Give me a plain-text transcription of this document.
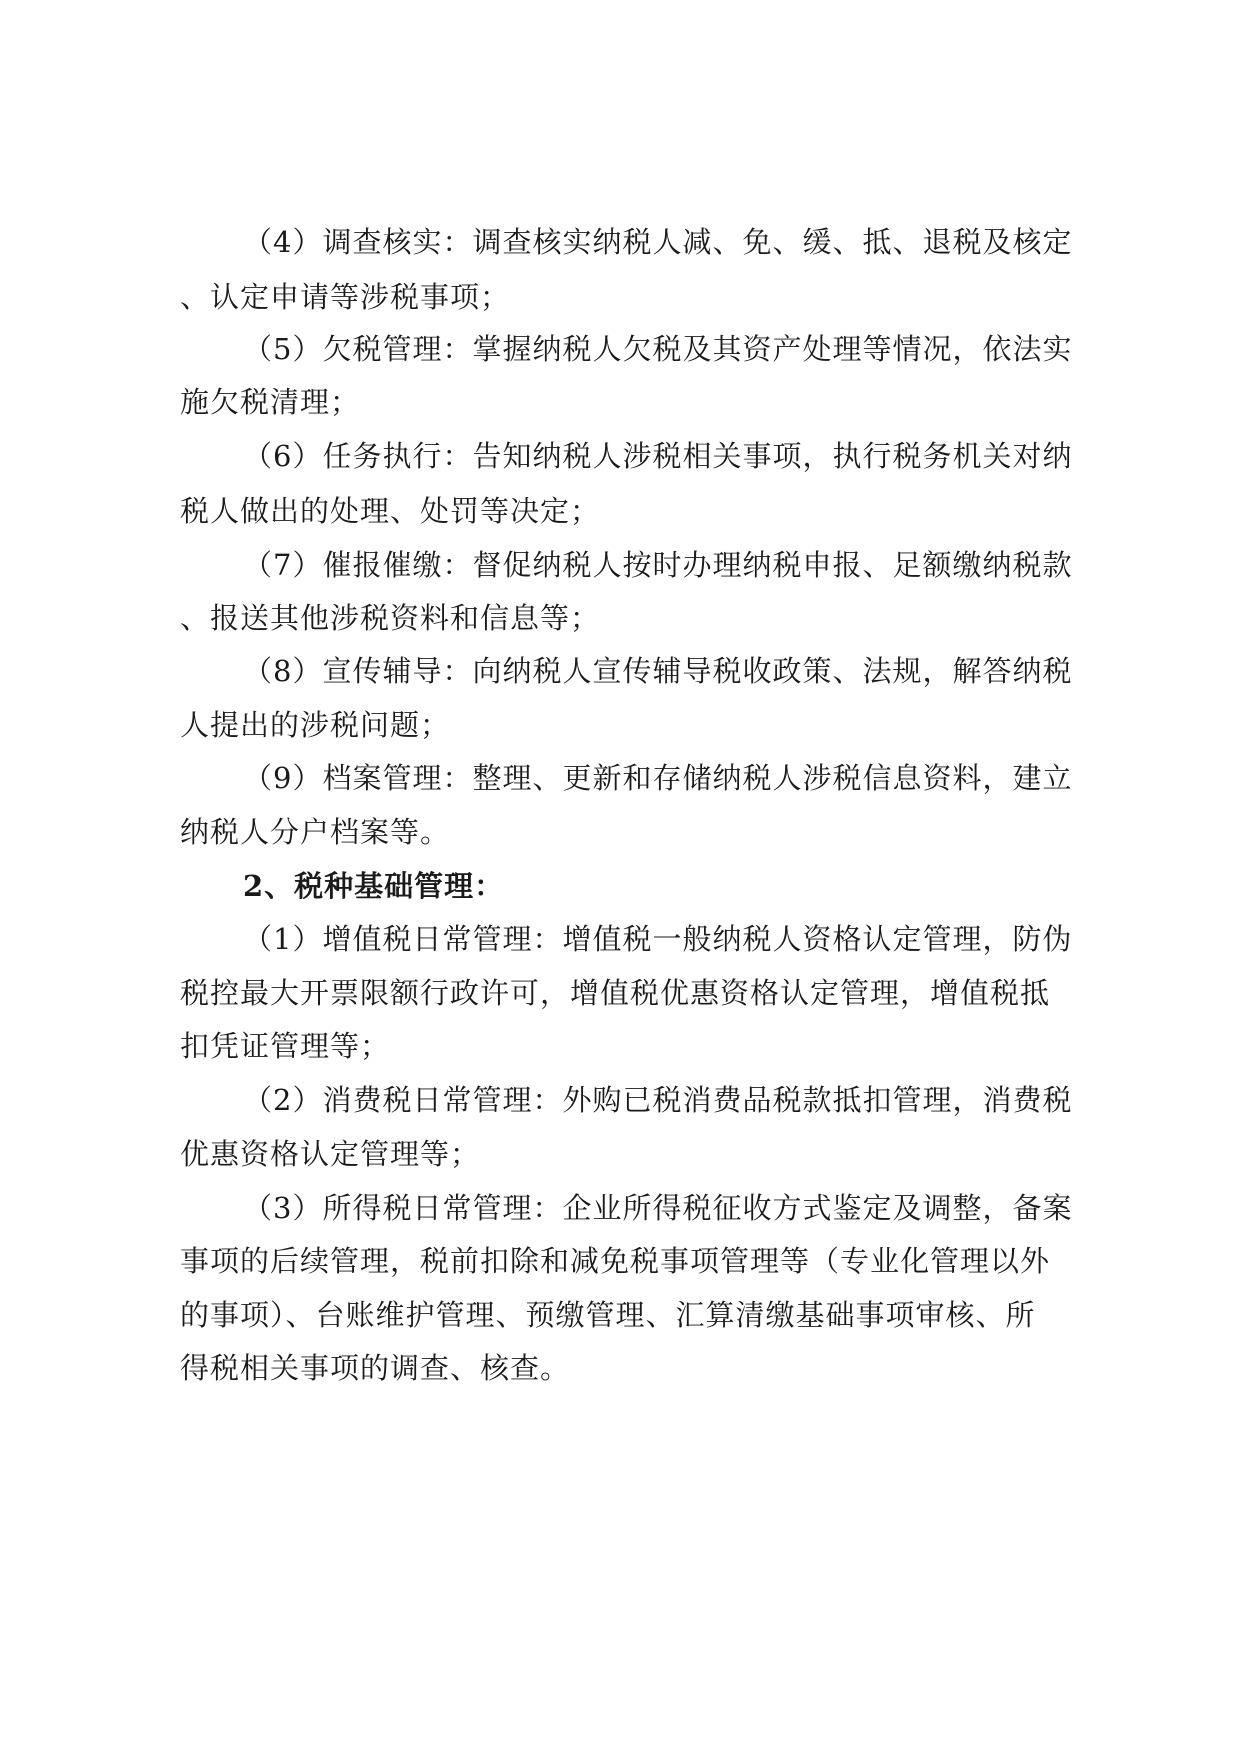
（4）调查核实：调查核实纳税人减、免、缓、抵、退税及核定
、认定申请等涉税事项；
（5）欠税管理：掌握纳税人欠税及其资产处理等情况，依法实
施欠税清理；
（6）任务执行：告知纳税人涉税相关事项，执行税务机关对纳
税人做出的处理、处罚等决定；
（7）催报催缴：督促纳税人按时办理纳税申报、足额缴纳税款
、报送其他涉税资料和信息等；
（8）宣传辅导：向纳税人宣传辅导税收政策、法规，解答纳税
人提出的涉税问题；
（9）档案管理：整理、更新和存储纳税人涉税信息资料，建立
纳税人分户档案等。
2、税种基础管理：
（1）增值税日常管理：增值税一般纳税人资格认定管理，防伪
税控最大开票限额行政许可，增值税优惠资格认定管理，增值税抵
扣凭证管理等；
（2）消费税日常管理：外购已税消费品税款抵扣管理，消费税
优惠资格认定管理等；
（3）所得税日常管理：企业所得税征收方式鉴定及调整，备案
事项的后续管理，税前扣除和减免税事项管理等（专业化管理以外
的事项）、台账维护管理、预缴管理、汇算清缴基础事项审核、所
得税相关事项的调查、核查。
